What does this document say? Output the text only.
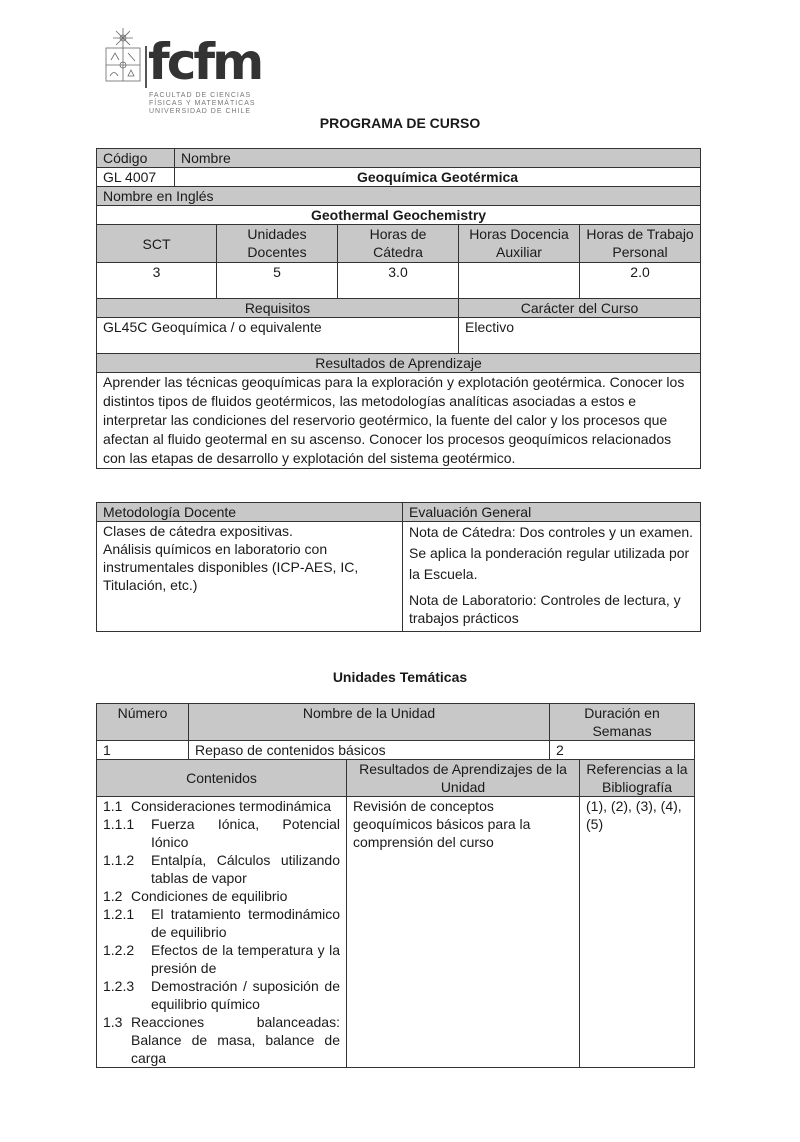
fcfm
FACULTAD DE CIENCIAS
FÍSICAS Y MATEMÁTICAS
UNIVERSIDAD DE CHILE
PROGRAMA DE CURSO
Código	Nombre				
GL 4007	Geoquímica Geotérmica				
Nombre en Inglés					
Geothermal Geochemistry					
SCT		Unidades Docentes	Horas de Cátedra	Horas Docencia Auxiliar	Horas de Trabajo Personal
3		5	3.0		2.0
Requisitos				Carácter del Curso	
GL45C Geoquímica / o equivalente				Electivo	
Resultados de Aprendizaje					
Aprender las técnicas geoquímicas para la exploración y explotación geotérmica. Conocer los distintos tipos de fluidos geotérmicos, las metodologías analíticas asociadas a estos e interpretar las condiciones del reservorio geotérmico, la fuente del calor y los procesos que afectan al fluido geotermal en su ascenso. Conocer los procesos geoquímicos relacionados con las etapas de desarrollo y explotación del sistema geotérmico.					
Metodología Docente	Evaluación General

Clases de cátedra expositivas.
Análisis químicos en laboratorio con instrumentales disponibles (ICP-AES, IC, Titulación, etc.)	Nota de Cátedra: Dos controles y un examen. Se aplica la ponderación regular utilizada por la Escuela.
Nota de Laboratorio: Controles de lectura, y trabajos prácticos
Unidades Temáticas
Número	Nombre de la Unidad		Duración en Semanas	
1	Repaso de contenidos básicos		2	
Contenidos		Resultados de Aprendizajes de la Unidad		Referencias a la Bibliografía

1.1 Consideraciones termodinámica
1.1.1	Fuerza Iónica, Potencial Iónico
1.1.2	Entalpía, Cálculos utilizando tablas de vapor
1.2 Condiciones de equilibrio
1.2.1	El tratamiento termodinámico de equilibrio
1.2.2	Efectos de la temperatura y la presión de
1.2.3	Demostración / suposición de equilibrio químico
1.3 Reacciones balanceadas: Balance de masa, balance de carga
	Revisión de conceptos geoquímicos básicos para la comprensión del curso	(1), (2), (3), (4), (5)
